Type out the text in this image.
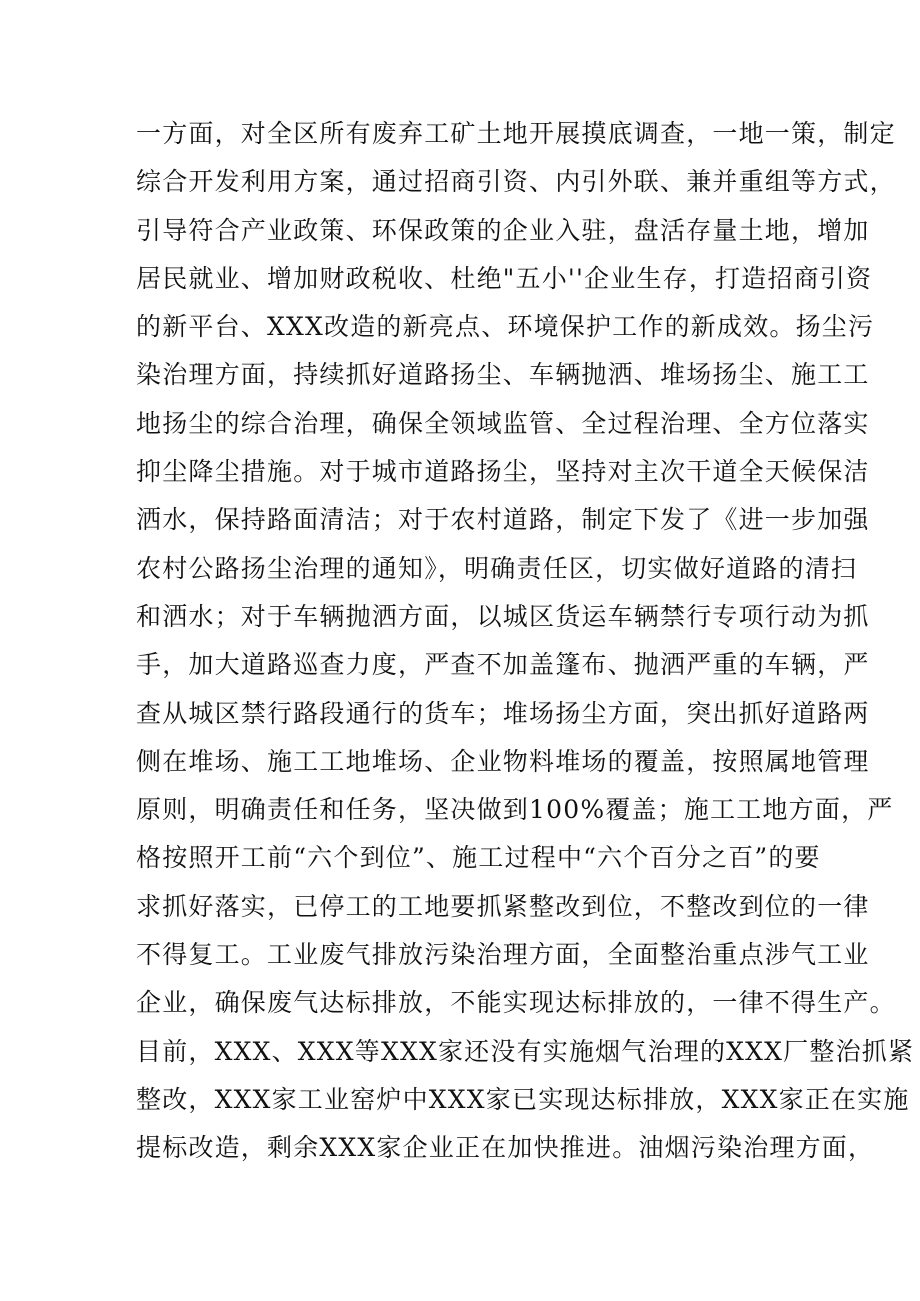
一方面，对全区所有废弃工矿土地开展摸底调查，一地一策，制定
综合开发利用方案，通过招商引资、内引外联、兼并重组等方式，
引导符合产业政策、环保政策的企业入驻，盘活存量土地，增加
居民就业、增加财政税收、杜绝"五小''企业生存，打造招商引资
的新平台、XXX改造的新亮点、环境保护工作的新成效。扬尘污
染治理方面，持续抓好道路扬尘、车辆抛洒、堆场扬尘、施工工
地扬尘的综合治理，确保全领域监管、全过程治理、全方位落实
抑尘降尘措施。对于城市道路扬尘，坚持对主次干道全天候保洁
洒水，保持路面清洁；对于农村道路，制定下发了《进一步加强
农村公路扬尘治理的通知》，明确责任区，切实做好道路的清扫
和洒水；对于车辆抛洒方面，以城区货运车辆禁行专项行动为抓
手，加大道路巡查力度，严查不加盖篷布、抛洒严重的车辆，严
查从城区禁行路段通行的货车；堆场扬尘方面，突出抓好道路两
侧在堆场、施工工地堆场、企业物料堆场的覆盖，按照属地管理
原则，明确责任和任务，坚决做到100%覆盖；施工工地方面，严
格按照开工前“六个到位”、施工过程中“六个百分之百”的要
求抓好落实，已停工的工地要抓紧整改到位，不整改到位的一律
不得复工。工业废气排放污染治理方面，全面整治重点涉气工业
企业，确保废气达标排放，不能实现达标排放的，一律不得生产。
目前，XXX、XXX等XXX家还没有实施烟气治理的XXX厂整治抓紧
整改，XXX家工业窑炉中XXX家已实现达标排放，XXX家正在实施
提标改造，剩余XXX家企业正在加快推进。油烟污染治理方面，
